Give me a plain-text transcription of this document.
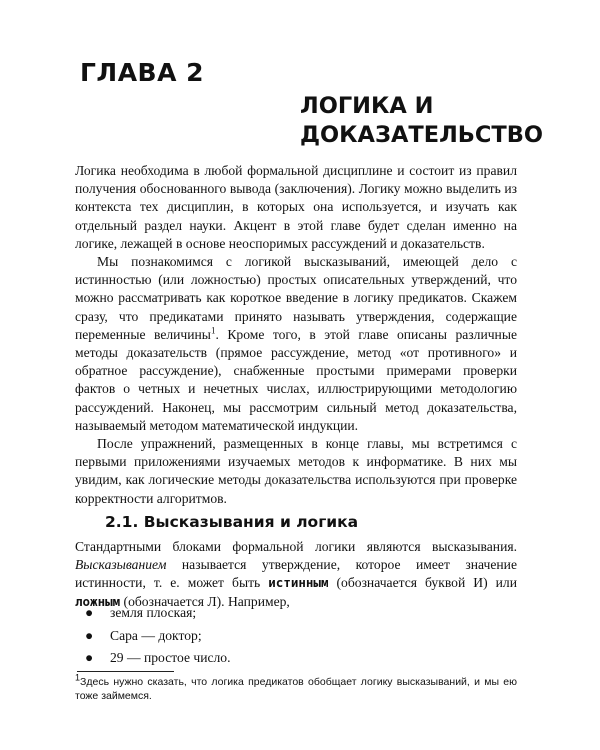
ГЛАВА 2
ЛОГИКА И
ДОКАЗАТЕЛЬСТВО

Логика необходима в любой формальной дисциплине и состоит из правил получения обоснованного вывода (заключения). Логику можно выделить из контекста тех дисциплин, в которых она используется, и изучать как отдельный раздел науки. Акцент в этой главе будет сделан именно на логике, лежащей в основе неоспоримых рассуждений и доказательств.

Мы познакомимся с логикой высказываний, имеющей дело с истинностью (или ложностью) простых описательных утверждений, что можно рассматривать как короткое введение в логику предикатов. Скажем сразу, что предикатами принято называть утверждения, содержащие переменные величины$^1$. Кроме того, в этой главе описаны различные методы доказательств (прямое рассуждение, метод «от противного» и обратное рассуждение), снабженные простыми примерами проверки фактов о четных и нечетных числах, иллюстрирующими методологию рассуждений. Наконец, мы рассмотрим сильный метод доказательства, называемый методом математической индукции.

После упражнений, размещенных в конце главы, мы встретимся с первыми приложениями изучаемых методов к информатике. В них мы увидим, как логические методы доказательства используются при проверке корректности алгоритмов.

2.1. Высказывания и логика

Стандартными блоками формальной логики являются высказывания. Высказыванием называется утверждение, которое имеет значение истинности, т. е. может быть истинным (обозначается буквой И) или ложным (обозначается Л). Например,

●	земля плоская;
●	Сара — доктор;
●	29 — простое число.

$^1$Здесь нужно сказать, что логика предикатов обобщает логику высказываний, и мы ею тоже займемся.
